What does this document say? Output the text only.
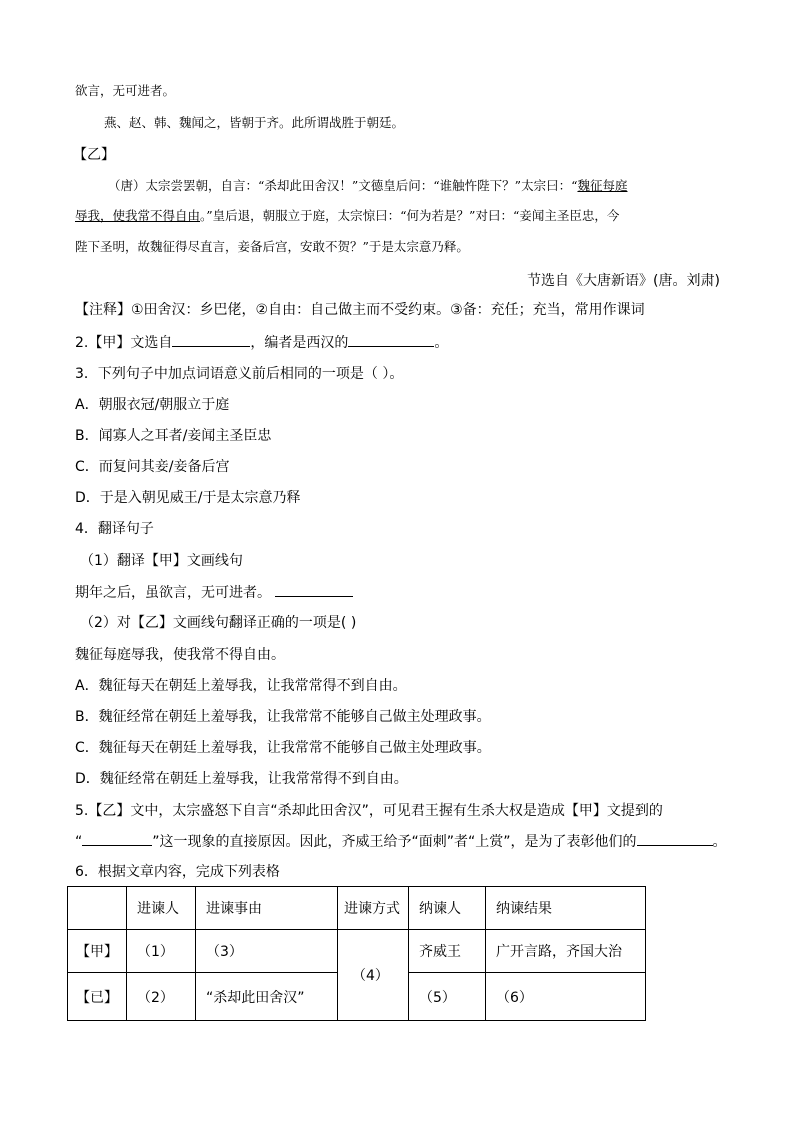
欲言，无可进者。
燕、赵、韩、魏闻之，皆朝于齐。此所谓战胜于朝廷。
【乙】
（唐）太宗尝罢朝，自言：“杀却此田舍汉！”文德皇后问：“谁触忤陛下？”太宗曰：“魏征每庭
辱我，使我常不得自由。”皇后退，朝服立于庭，太宗惊曰：“何为若是？”对曰：“妾闻主圣臣忠，今
陛下圣明，故魏征得尽直言，妾备后宫，安敢不贺？”于是太宗意乃释。
节选自《大唐新语》(唐。刘肃)
【注释】①田舍汉：乡巴佬，②自由：自己做主而不受约束。③备：充任；充当，常用作课词
2.【甲】文选自	，编者是西汉的	。
3．下列句子中加点词语意义前后相同的一项是（ ）。
A．朝服衣冠/朝服立于庭
B．闻寡人之耳者/妾闻主圣臣忠
C．而复问其妾/妾备后宫
D．于是入朝见威王/于是太宗意乃释
4．翻译句子
（1）翻译【甲】文画线句
期年之后，虽欲言，无可进者。
（2）对【乙】文画线句翻译正确的一项是( )
魏征每庭辱我，使我常不得自由。
A．魏征每天在朝廷上羞辱我，让我常常得不到自由。
B．魏征经常在朝廷上羞辱我，让我常常不能够自己做主处理政事。
C．魏征每天在朝廷上羞辱我，让我常常不能够自己做主处理政事。
D．魏征经常在朝廷上羞辱我，让我常常得不到自由。
5.【乙】文中，太宗盛怒下自言“杀却此田舍汉”，可见君王握有生杀大权是造成【甲】文提到的
“	”这一现象的直接原因。因此，齐威王给予“面刺”者“上赏”，是为了表彰他们的	。
6．根据文章内容，完成下列表格
	进谏人	进谏事由	进谏方式	纳谏人	纳谏结果
【甲】	（1）	（3）	（4）	齐威王	广开言路，齐国大治
【已】	（2）	“杀却此田舍汉”		（5）	（6）
